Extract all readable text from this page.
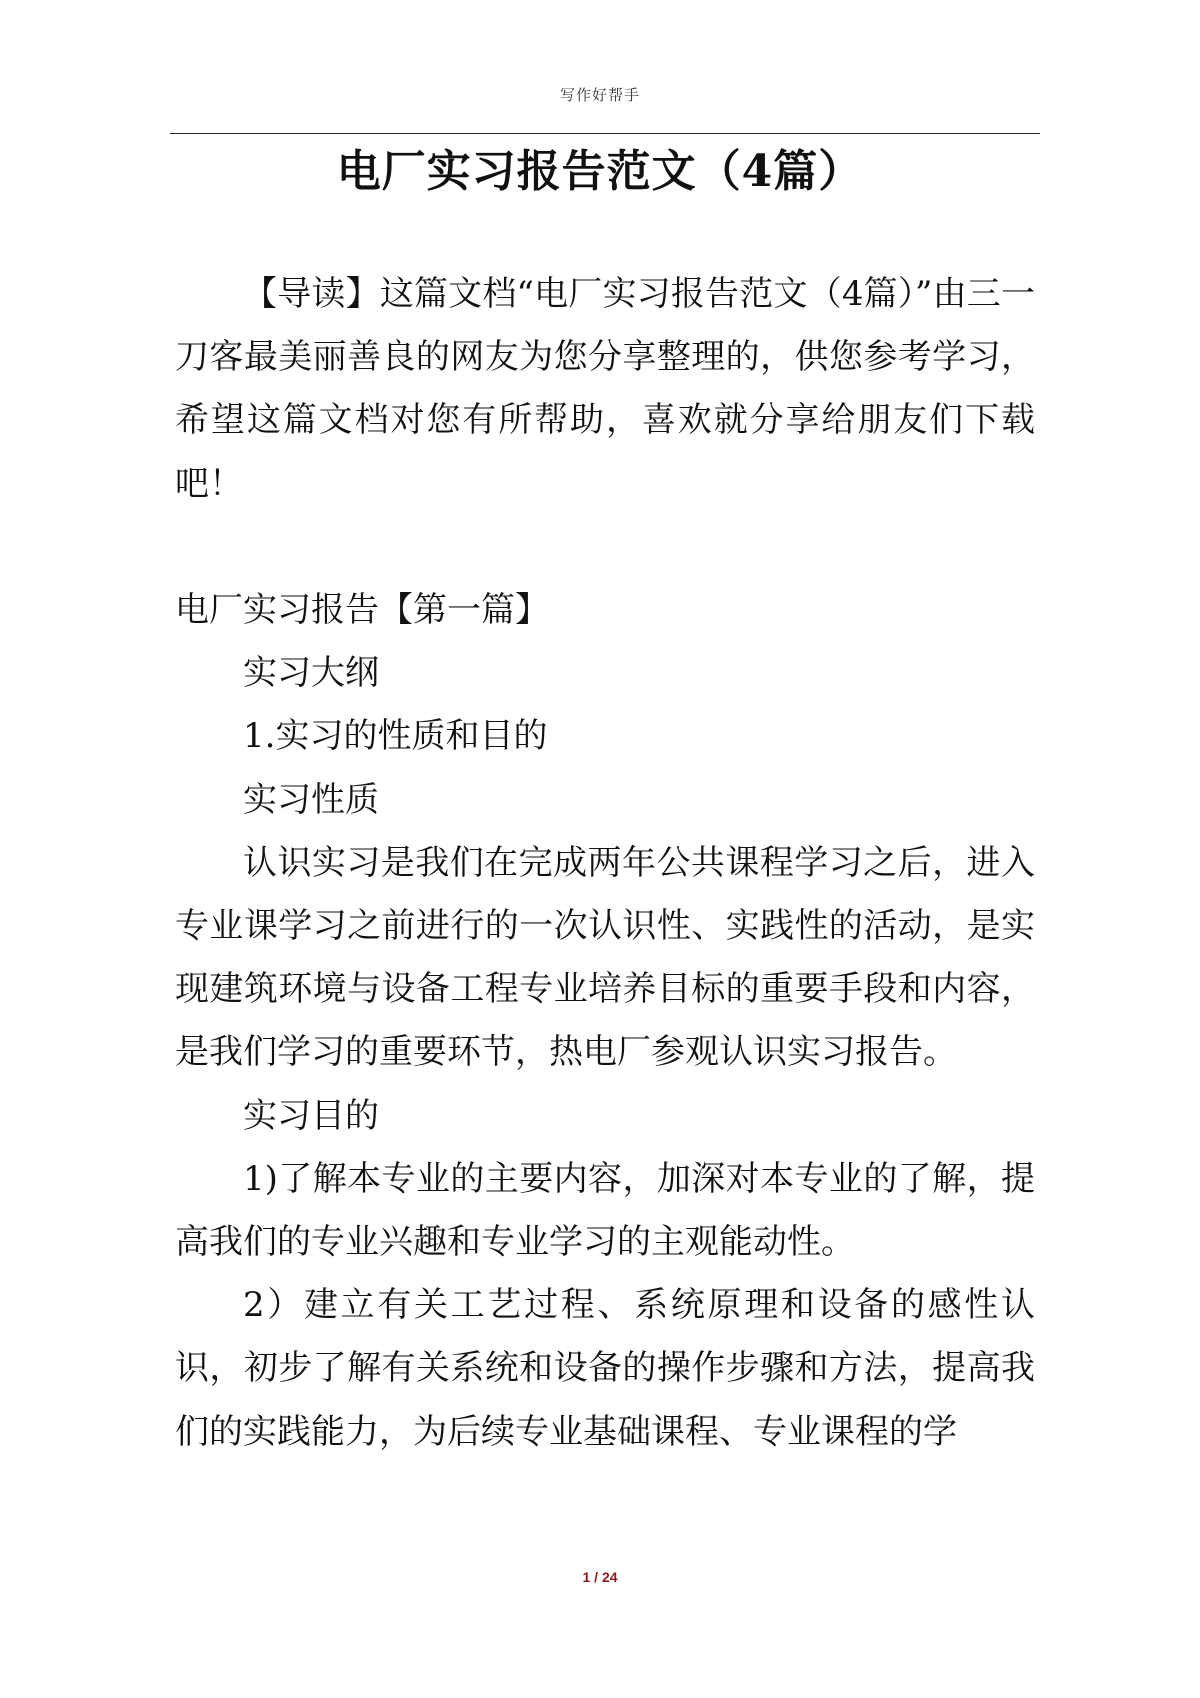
写作好帮手
电厂实习报告范文（4篇）

【导读】这篇文档“电厂实习报告范文（4篇）”由三一刀客最美丽善良的网友为您分享整理的，供您参考学习，希望这篇文档对您有所帮助，喜欢就分享给朋友们下载吧！

电厂实习报告【第一篇】

实习大纲

1.实习的性质和目的

实习性质

认识实习是我们在完成两年公共课程学习之后，进入专业课学习之前进行的一次认识性、实践性的活动，是实现建筑环境与设备工程专业培养目标的重要手段和内容，是我们学习的重要环节，热电厂参观认识实习报告。

实习目的

1)了解本专业的主要内容，加深对本专业的了解，提高我们的专业兴趣和专业学习的主观能动性。

2）建立有关工艺过程、系统原理和设备的感性认识，初步了解有关系统和设备的操作步骤和方法，提高我们的实践能力，为后续专业基础课程、专业课程的学

1 / 24
